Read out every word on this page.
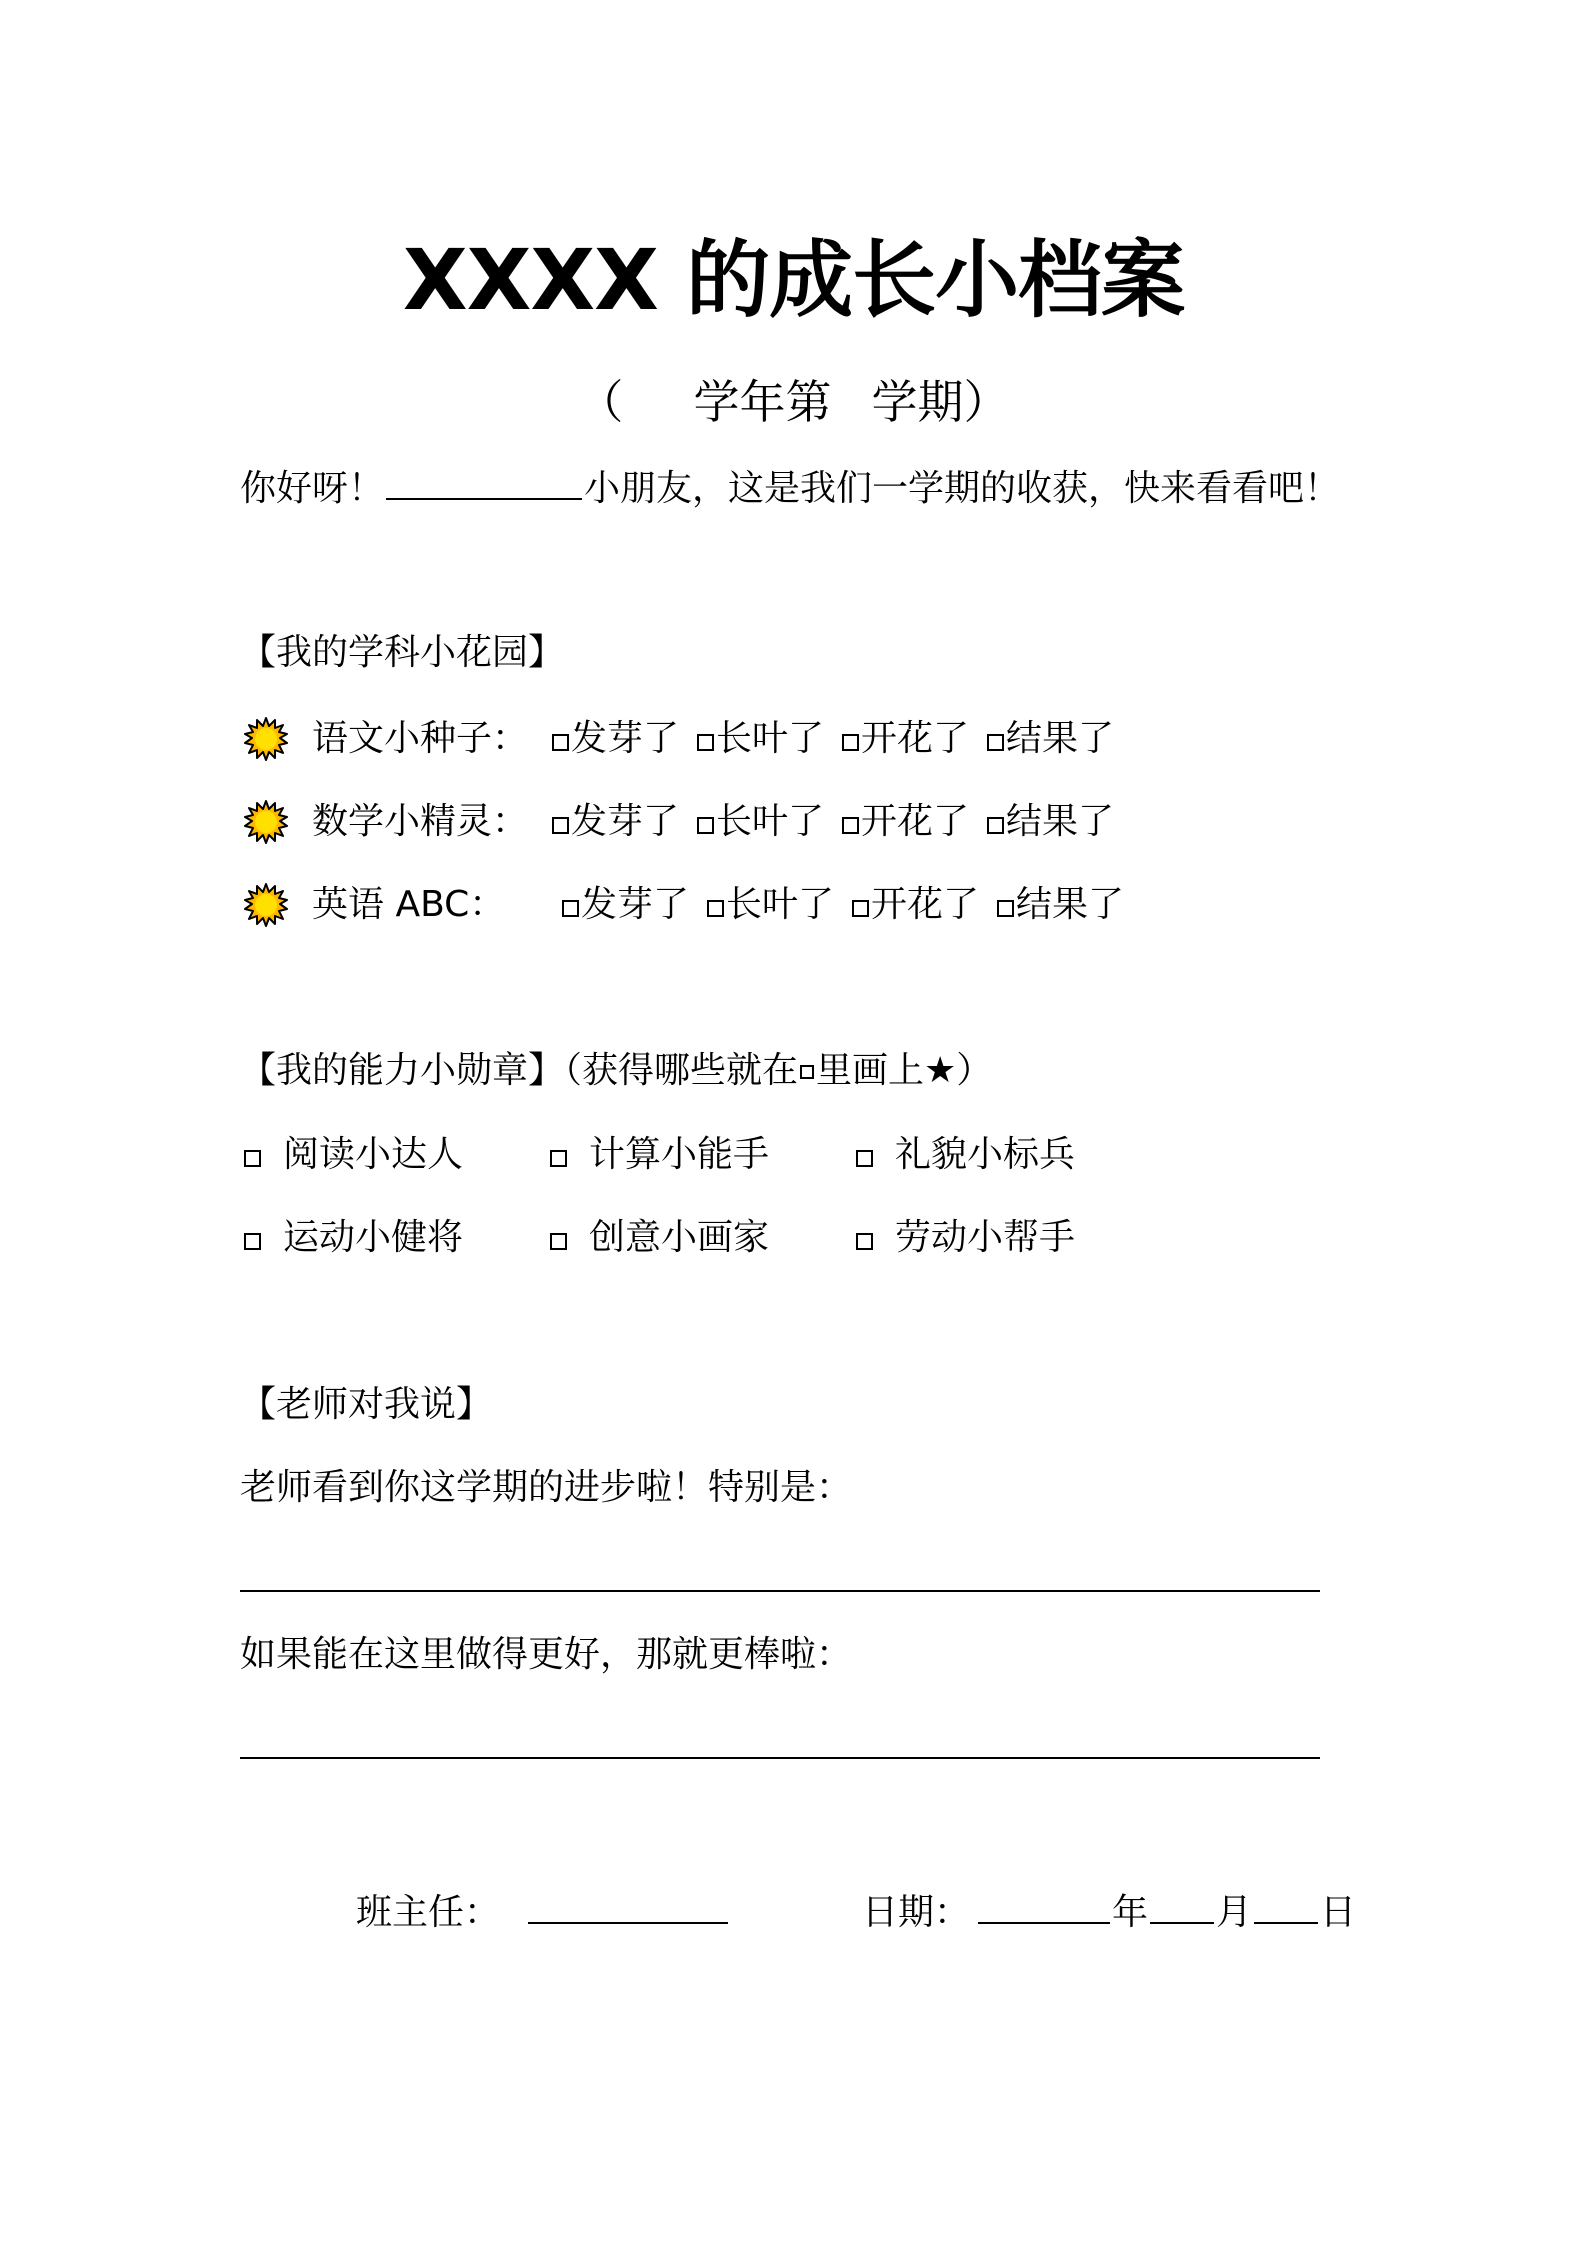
XXXX 的成长小档案
（ 学年第 学期）
你好呀！	小朋友，这是我们一学期的收获，快来看看吧！
【我的学科小花园】
语文小种子：	发芽了 长叶了 开花了 结果了
数学小精灵：	发芽了 长叶了 开花了 结果了
英语 ABC：	发芽了 长叶了 开花了 结果了
【我的能力小勋章】（获得哪些就在 里画上★）
阅读小达人	计算小能手	礼貌小标兵
运动小健将	创意小画家	劳动小帮手
【老师对我说】
老师看到你这学期的进步啦！特别是：
如果能在这里做得更好，那就更棒啦：
班主任：	日期：	年 月 日
